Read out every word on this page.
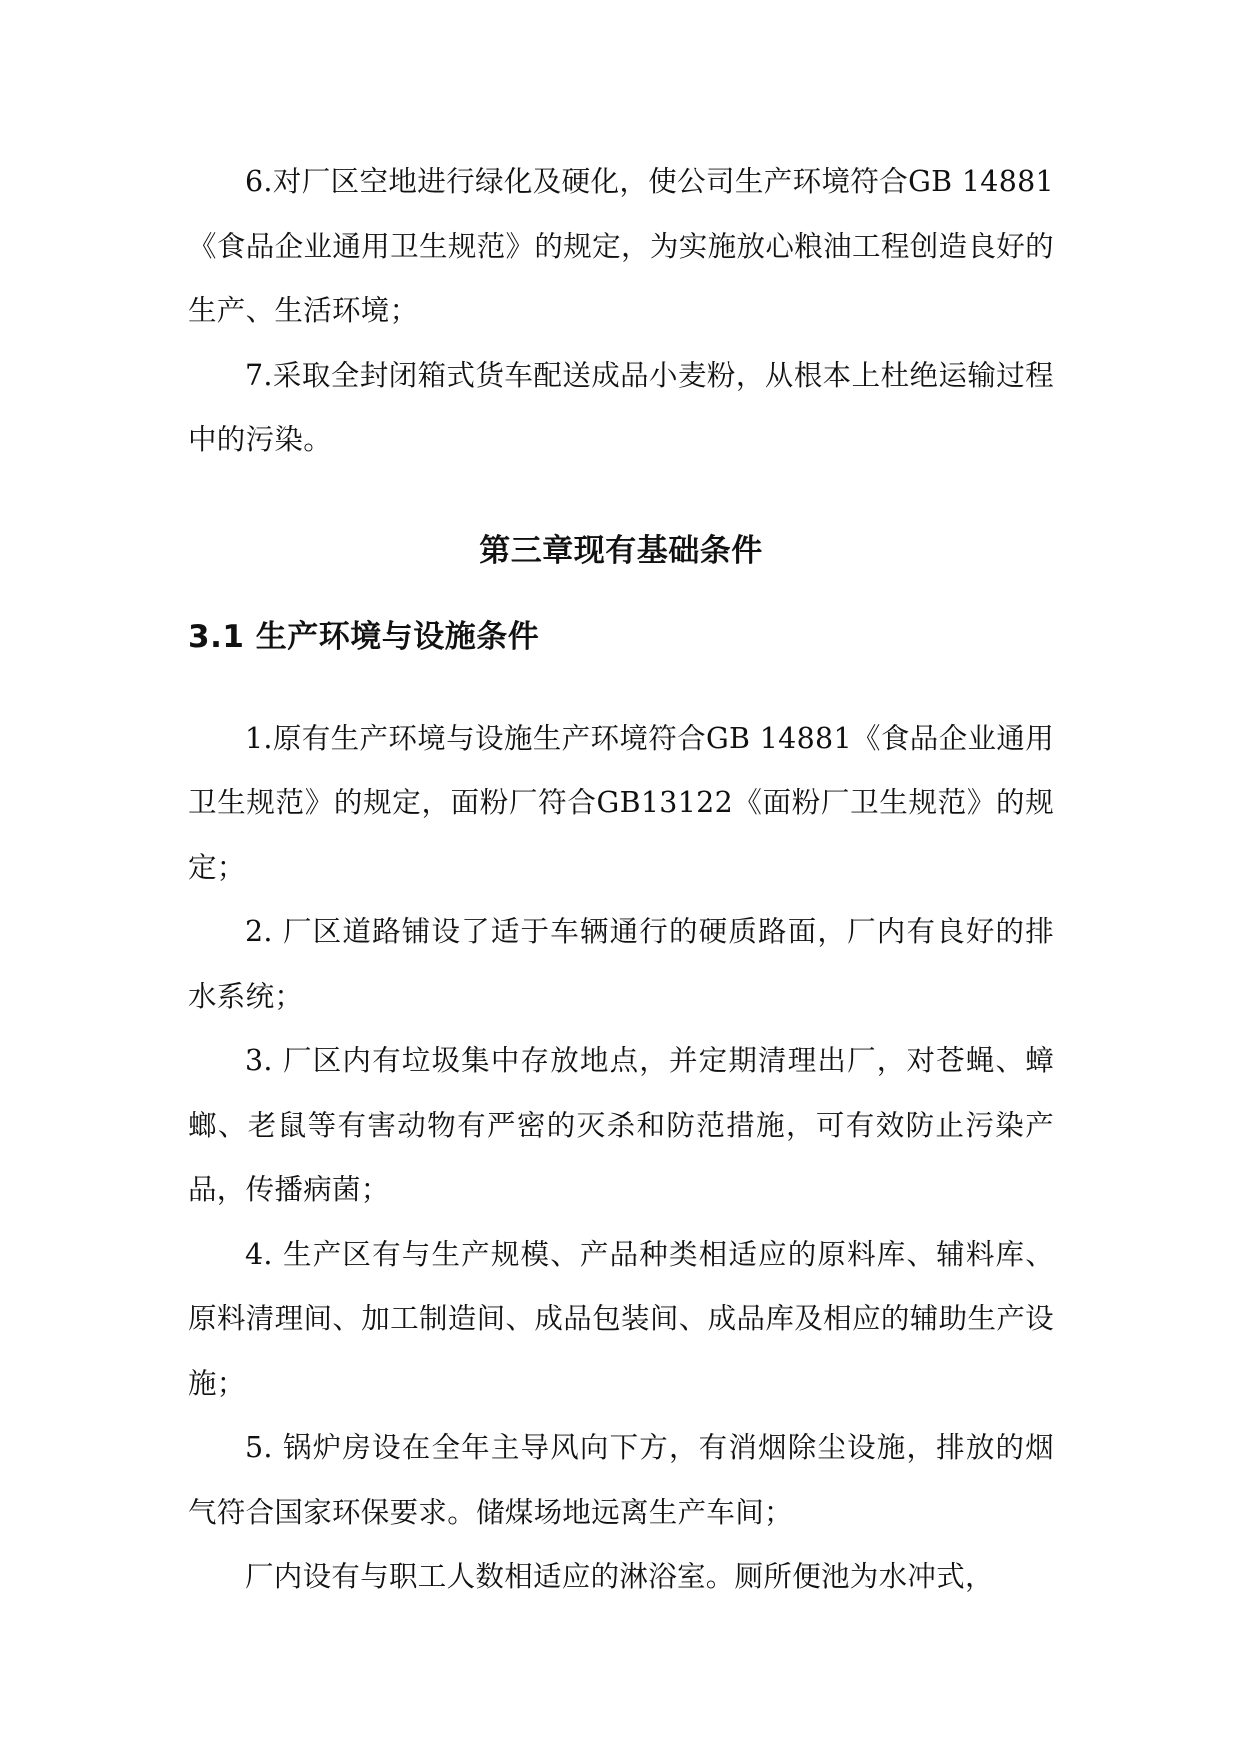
6.对厂区空地进行绿化及硬化，使公司生产环境符合GB 14881《食品企业通用卫生规范》的规定，为实施放心粮油工程创造良好的生产、生活环境；

7.采取全封闭箱式货车配送成品小麦粉，从根本上杜绝运输过程中的污染。

第三章现有基础条件
3.1 生产环境与设施条件

1.原有生产环境与设施生产环境符合GB 14881《食品企业通用卫生规范》的规定，面粉厂符合GB13122《面粉厂卫生规范》的规定；

2. 厂区道路铺设了适于车辆通行的硬质路面，厂内有良好的排水系统；

3. 厂区内有垃圾集中存放地点，并定期清理出厂，对苍蝇、蟑螂、老鼠等有害动物有严密的灭杀和防范措施，可有效防止污染产品，传播病菌；

4. 生产区有与生产规模、产品种类相适应的原料库、辅料库、原料清理间、加工制造间、成品包装间、成品库及相应的辅助生产设施；

5. 锅炉房设在全年主导风向下方，有消烟除尘设施，排放的烟气符合国家环保要求。储煤场地远离生产车间；

厂内设有与职工人数相适应的淋浴室。厕所便池为水冲式，
